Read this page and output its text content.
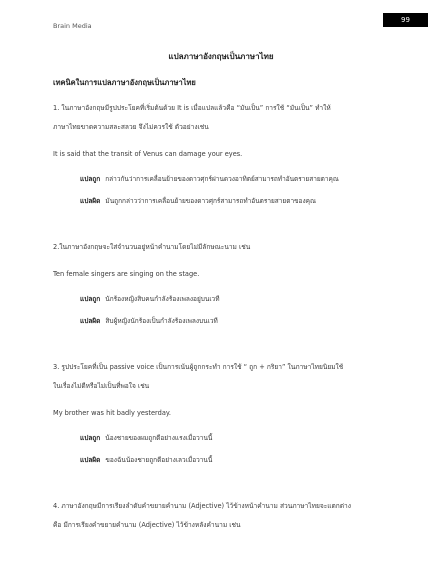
Brain Media
99
แปลภาษาอังกฤษเป็นภาษาไทย
เทคนิคในการแปลภาษาอังกฤษเป็นภาษาไทย

1. ในภาษาอังกฤษมีรูปประโยคที่เริ่มต้นด้วย It is เมื่อแปลแล้วคือ “มันเป็น” การใช้ “มันเป็น” ทำให้

ภาษาไทยขาดความสละสลวย จึงไม่ควรใช้ ตัวอย่างเช่น

It is said that the transit of Venus can damage your eyes.

แปลถูก กล่าวกันว่าการเคลื่อนย้ายของดาวศุกร์ผ่านดวงอาทิตย์สามารถทำอันตรายสายตาคุณ

แปลผิด มันถูกกล่าวว่าการเคลื่อนย้ายของดาวศุกร์สามารถทำอันตรายสายตาของคุณ

2.ในภาษาอังกฤษจะใส่จำนวนอยู่หน้าคำนามโดยไม่มีลักษณะนาม เช่น

Ten female singers are singing on the stage.

แปลถูก นักร้องหญิงสิบคนกำลังร้องเพลงอยู่บนเวที

แปลผิด สิบผู้หญิงนักร้องเป็นกำลังร้องเพลงบนเวที

3. รูปประโยคที่เป็น passive voice เป็นการเน้นผู้ถูกกระทำ การใช้ “ ถูก + กริยา” ในภาษาไทยนิยมใช้

ในเรื่องไม่ดีหรือไม่เป็นที่พอใจ เช่น

My brother was hit badly yesterday.

แปลถูก น้องชายของผมถูกตีอย่างแรงเมื่อวานนี้

แปลผิด ของฉันน้องชายถูกตีอย่างเลวเมื่อวานนี้

4. ภาษาอังกฤษมีการเรียงลำดับคำขยายคำนาม (Adjective) ไว้ข้างหน้าคำนาม ส่วนภาษาไทยจะแตกต่าง

คือ มีการเรียงคำขยายคำนาม (Adjective) ไว้ข้างหลังคำนาม เช่น
